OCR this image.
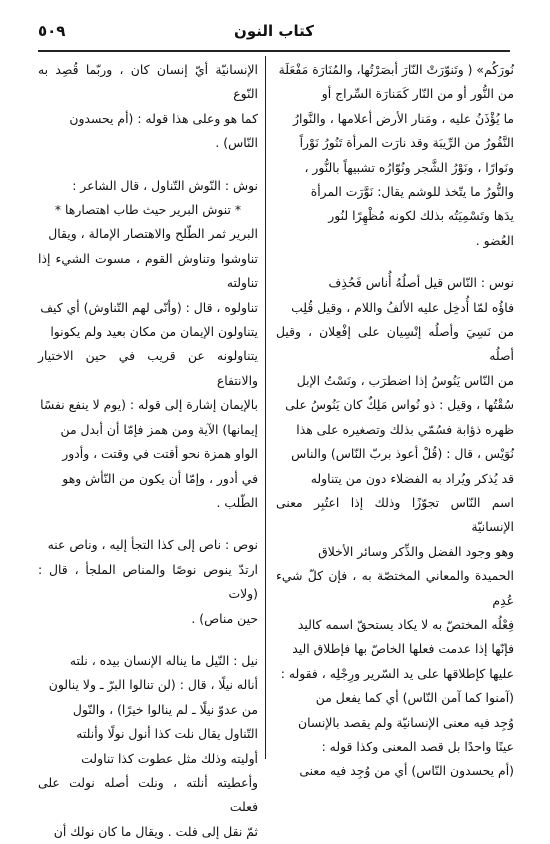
٥٠٩	كتاب النون

نُورَكُم» ( وتَنوّرَتْ النّارَ أبصَرْتُها، والمُنَارَة مَفْعَلَة

من النُّور أو من النّار كَمَنارَة السِّراج أو

ما يُؤْذَنُ عليه ، ومَنار الأرض أعلامها ، والنَّوارُ

النَّفُورُ من الرِّيبَة وقد نارَت المرأة تَنُورُ نَوْراً

ونَوارًا ، ونَوْرُ الشَّجر ونُوّارُه تشبيهاً بالنُّور ،

والنُّورُ ما يتّخذ للوشم يقال: نَوَّرَت المرأة

يدَها وتَسْمِيَتُه بذلك لكونه مُظْهِرًا لنُور

العُضو .

نوس : النّاس قيل أصلُهُ أُناس فَحُذِف

فاؤُه لمّا أُدخِل عليه الألفُ واللام ، وقيل قُلِب

من نَسِيَ وأصلُه إنْسِيان على إفْعِلان ، وقيل أصلُه

من النّاس يَنُوسُ إذا اضطرَب ، ونَسْتُ الإبل

سُقْتُها ، وقيل : ذو نُواس مَلِكٌ كان يَنُوسُ على

ظهره ذؤابة فسُمّي بذلك وتصغيره على هذا

نُوَيْس ، قال : (قُلْ أعوذ بربّ النّاس) والناس

قد يُذكر ويُراد به الفضلاء دون من يتناوله

اسم النّاس تجوّزًا وذلك إذا اعتُبِر معنى الإنسانيّة

وهو وجود الفضل والذِّكر وسائر الأخلاق

الحميدة والمعاني المختصّة به ، فإن كلّ شيء عُدِم

فِعْلُه المختصّ به لا يكاد يستحقّ اسمه كاليد

فإنّها إذا عدمت فعلها الخاصّ بها فإطلاق اليد

عليها كإطلاقها على يد السّرير ورِجْلِه ، فقوله :

(آمنوا كما آمن النّاس) أي كما يفعل من

وُجِد فيه معنى الإنسانيّة ولم يقصد بالإنسان

عينًا واحدًا بل قصد المعنى وكذا قوله :

(أم يحسدون النّاس) أي من وُجِد فيه معنى

الإنسانيّة أيّ إنسان كان ، وربّما قُصِد به النّوع

كما هو وعلى هذا قوله : (أم يحسدون

النّاس) .

نوش : النّوش التّناول ، قال الشاعر :

* تنوش البرير حيث طاب اهتصارها *

البرير ثمر الطّلح والاهتصار الإمالة ، ويقال

تناوشوا وتناوش القوم ، مسوت الشيء إذا تناولته

تناولوه ، قال : (وأنّى لهم التّناوش) أي كيف

يتناولون الإيمان من مكان بعيد ولم يكونوا

يتناولونه عن قريب في حين الاختيار والانتفاع

بالإيمان إشارة إلى قوله : (يوم لا ينفع نفسًا

إيمانها) الآية ومن همز فإمّا أن أبدل من

الواو همزة نحو أقتت في وقتت ، وأدور

في أدور ، وإمّا أن يكون من النّأش وهو

الطّلب .

نوص : ناص إلى كذا التجأ إليه ، وناص عنه

ارتدّ ينوص نوصًا والمناص الملجأ ، قال : (ولات

حين مناص) .

نيل : النّيل ما يناله الإنسان بيده ، نلته

أناله نيلًا ، قال : (لن تنالوا البرّ ـ ولا ينالون

من عدوّ نيلًا ـ لم ينالوا خيرًا) ، والنّول

التّناول يقال نلت كذا أنول نولًا وأنلته

أوليته وذلك مثل عطوت كذا تناولت

وأعطيته أنلته ، ونلت أصله نولت على فعلت

ثمّ نقل إلى فلت . ويقال ما كان نولك أن
